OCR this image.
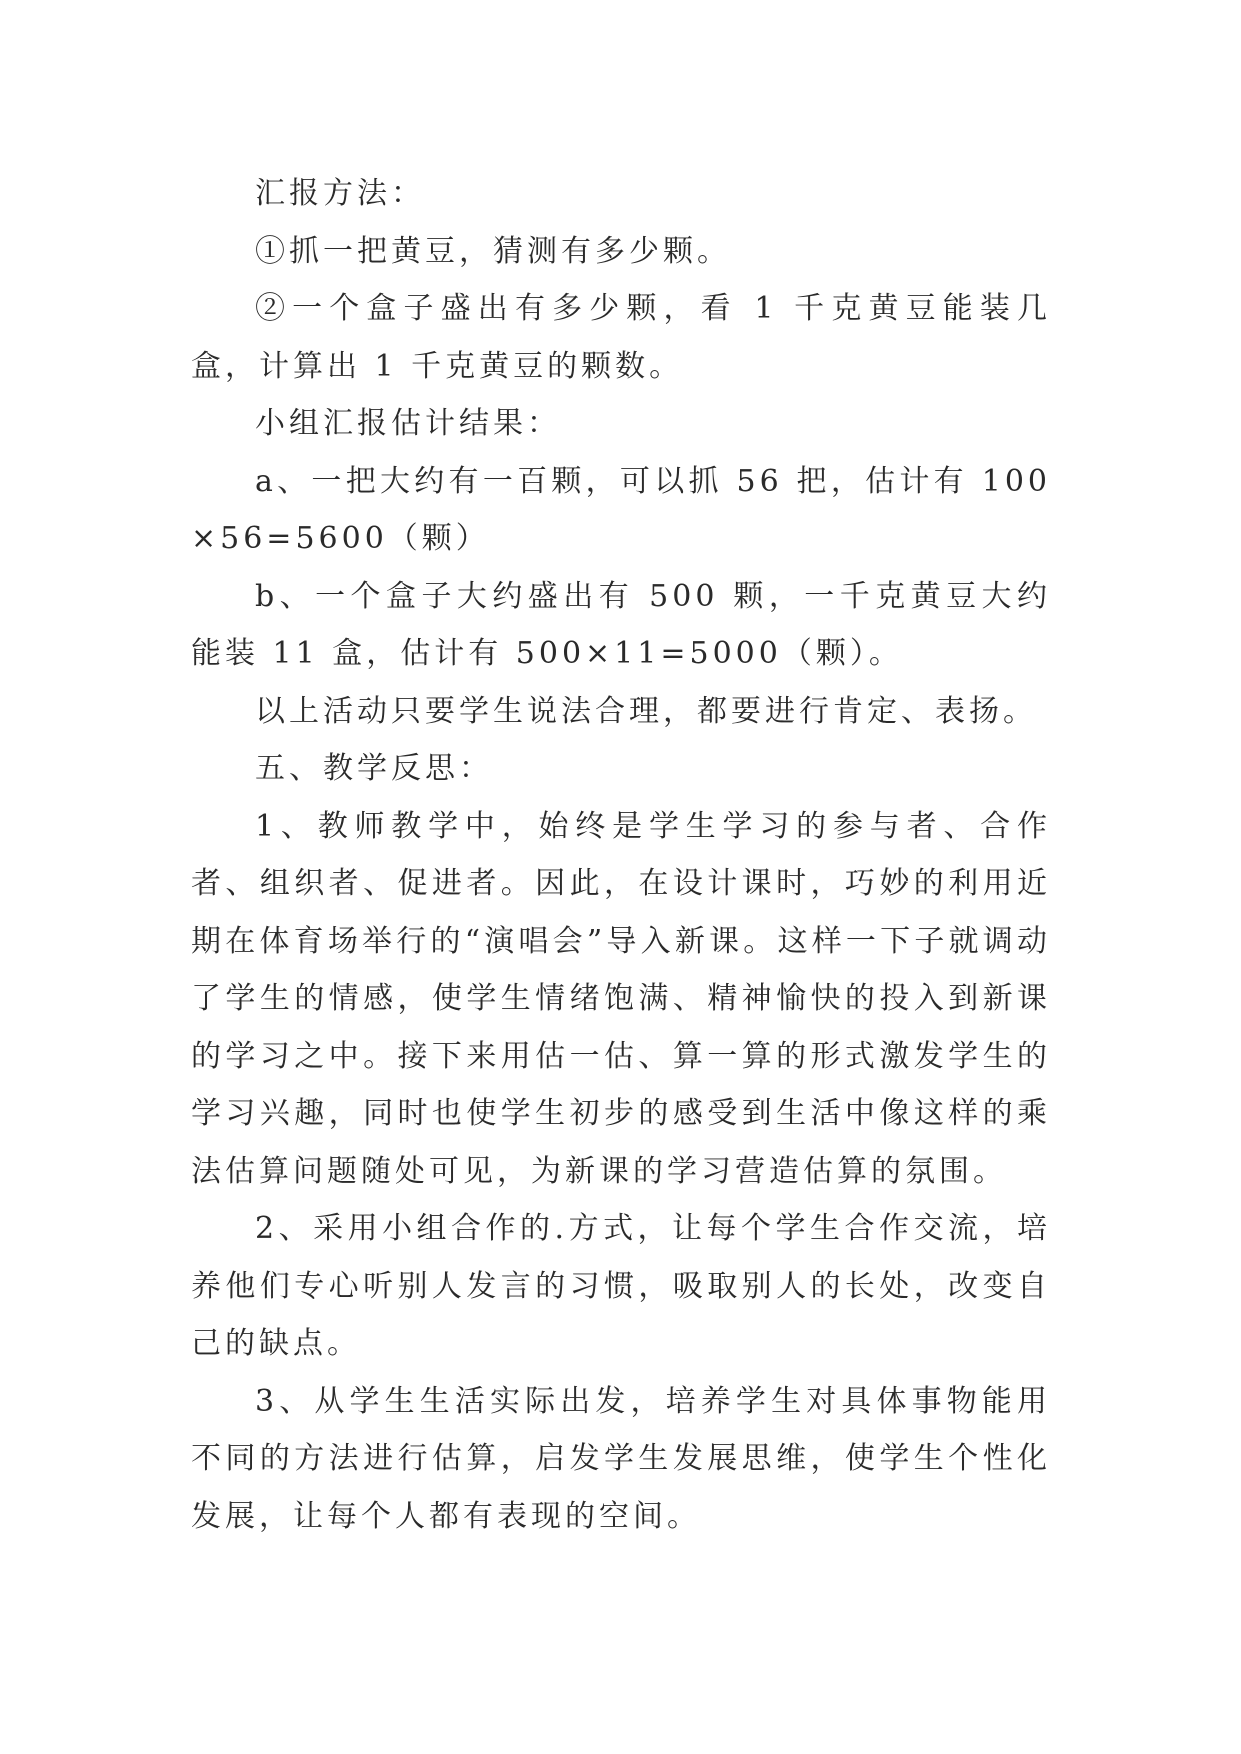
汇报方法：

①抓一把黄豆，猜测有多少颗。

②一个盒子盛出有多少颗，看 1 千克黄豆能装几盒，计算出 1 千克黄豆的颗数。

小组汇报估计结果：

a、一把大约有一百颗，可以抓 56 把，估计有 100×56=5600（颗）

b、一个盒子大约盛出有 500 颗，一千克黄豆大约能装 11 盒，估计有 500×11=5000（颗）。

以上活动只要学生说法合理，都要进行肯定、表扬。

五、教学反思：

1、教师教学中，始终是学生学习的参与者、合作者、组织者、促进者。因此，在设计课时，巧妙的利用近期在体育场举行的“演唱会”导入新课。这样一下子就调动了学生的情感，使学生情绪饱满、精神愉快的投入到新课的学习之中。接下来用估一估、算一算的形式激发学生的学习兴趣，同时也使学生初步的感受到生活中像这样的乘法估算问题随处可见，为新课的学习营造估算的氛围。

2、采用小组合作的.方式，让每个学生合作交流，培养他们专心听别人发言的习惯，吸取别人的长处，改变自己的缺点。

3、从学生生活实际出发，培养学生对具体事物能用不同的方法进行估算，启发学生发展思维，使学生个性化发展，让每个人都有表现的空间。
